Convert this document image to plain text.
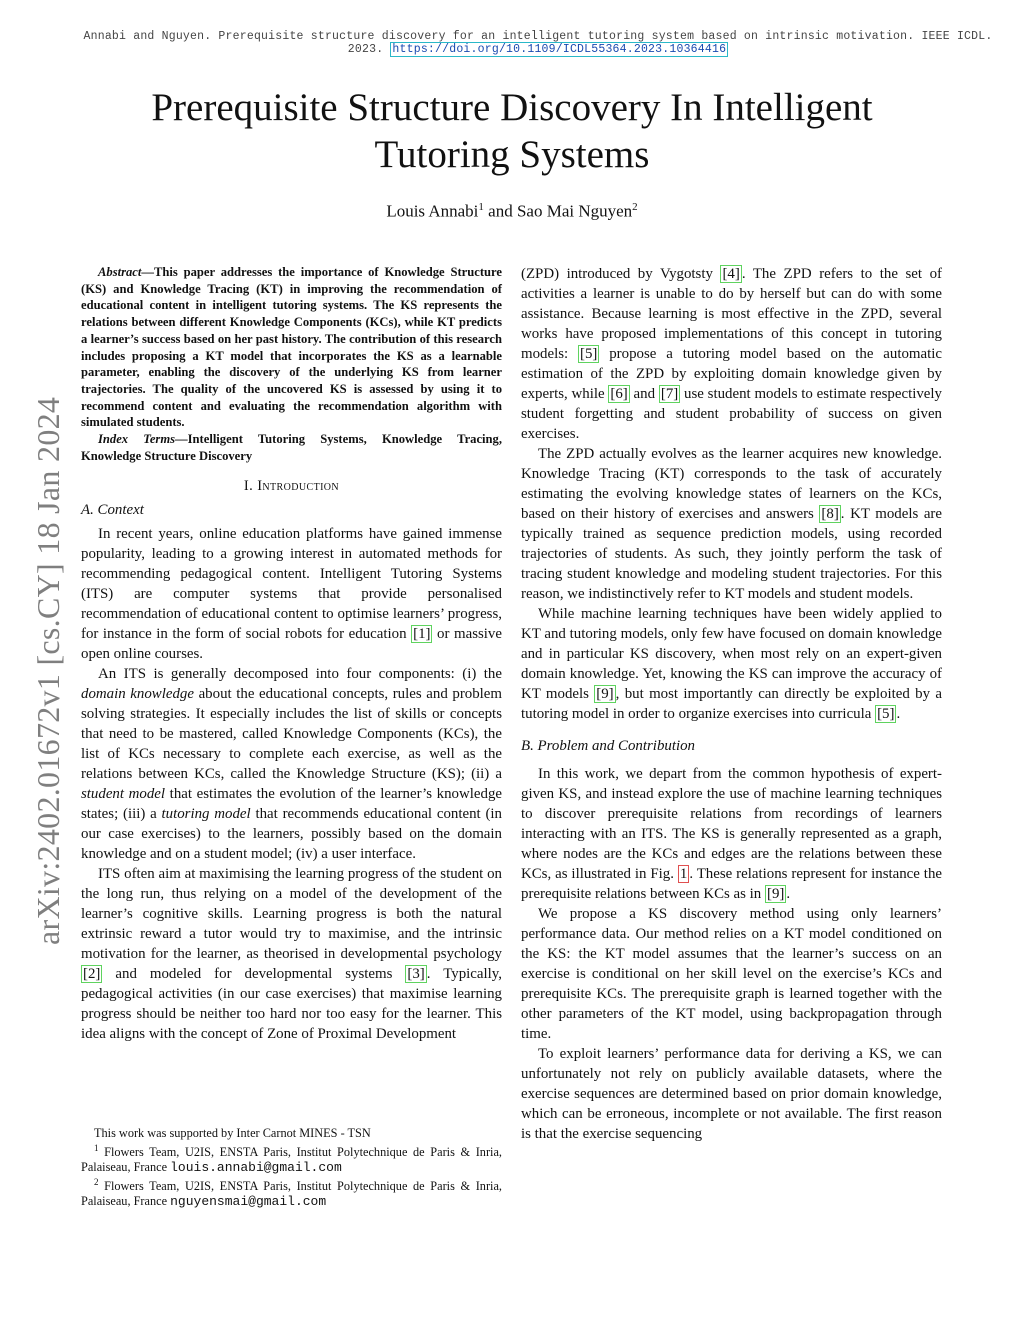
Annabi and Nguyen. Prerequisite structure discovery for an intelligent tutoring system based on intrinsic motivation. IEEE ICDL. 2023. https://doi.org/10.1109/ICDL55364.2023.10364416
arXiv:2402.01672v1 [cs.CY] 18 Jan 2024
Prerequisite Structure Discovery In Intelligent Tutoring Systems
Louis Annabi$^1$ and Sao Mai Nguyen$^2$

Abstract—This paper addresses the importance of Knowledge Structure (KS) and Knowledge Tracing (KT) in improving the recommendation of educational content in intelligent tutoring systems. The KS represents the relations between different Knowledge Components (KCs), while KT predicts a learner’s success based on her past history. The contribution of this research includes proposing a KT model that incorporates the KS as a learnable parameter, enabling the discovery of the underlying KS from learner trajectories. The quality of the uncovered KS is assessed by using it to recommend content and evaluating the recommendation algorithm with simulated students.

Index Terms—Intelligent Tutoring Systems, Knowledge Tracing, Knowledge Structure Discovery

I. Introduction
A. Context

In recent years, online education platforms have gained immense popularity, leading to a growing interest in automated methods for recommending pedagogical content. Intelligent Tutoring Systems (ITS) are computer systems that provide personalised recommendation of educational content to optimise learners’ progress, for instance in the form of social robots for education [1] or massive open online courses.

An ITS is generally decomposed into four components: (i) the domain knowledge about the educational concepts, rules and problem solving strategies. It especially includes the list of skills or concepts that need to be mastered, called Knowledge Components (KCs), the list of KCs necessary to complete each exercise, as well as the relations between KCs, called the Knowledge Structure (KS); (ii) a student model that estimates the evolution of the learner’s knowledge states; (iii) a tutoring model that recommends educational content (in our case exercises) to the learners, possibly based on the domain knowledge and on a student model; (iv) a user interface.

ITS often aim at maximising the learning progress of the student on the long run, thus relying on a model of the development of the learner’s cognitive skills. Learning progress is both the natural extrinsic reward a tutor would try to maximise, and the intrinsic motivation for the learner, as theorised in developmental psychology [2] and modeled for developmental systems [3] . Typically, pedagogical activities (in our case exercises) that maximise learning progress should be neither too hard nor too easy for the learner. This idea aligns with the concept of Zone of Proximal Development

This work was supported by Inter Carnot MINES - TSN

$^1$ Flowers Team, U2IS, ENSTA Paris, Institut Polytechnique de Paris & Inria, Palaiseau, France louis.annabi@gmail.com

$^2$ Flowers Team, U2IS, ENSTA Paris, Institut Polytechnique de Paris & Inria, Palaiseau, France nguyensmai@gmail.com

(ZPD) introduced by Vygotsty [4] . The ZPD refers to the set of activities a learner is unable to do by herself but can do with some assistance. Because learning is most effective in the ZPD, several works have proposed implementations of this concept in tutoring models: [5] propose a tutoring model based on the automatic estimation of the ZPD by exploiting domain knowledge given by experts, while [6] and [7] use student models to estimate respectively student forgetting and student probability of success on given exercises.

The ZPD actually evolves as the learner acquires new knowledge. Knowledge Tracing (KT) corresponds to the task of accurately estimating the evolving knowledge states of learners on the KCs, based on their history of exercises and answers [8] . KT models are typically trained as sequence prediction models, using recorded trajectories of students. As such, they jointly perform the task of tracing student knowledge and modeling student trajectories. For this reason, we indistinctively refer to KT models and student models.

While machine learning techniques have been widely applied to KT and tutoring models, only few have focused on domain knowledge and in particular KS discovery, when most rely on an expert-given domain knowledge. Yet, knowing the KS can improve the accuracy of KT models [9] , but most importantly can directly be exploited by a tutoring model in order to organize exercises into curricula [5] .

B. Problem and Contribution

In this work, we depart from the common hypothesis of expert-given KS, and instead explore the use of machine learning techniques to discover prerequisite relations from recordings of learners interacting with an ITS. The KS is generally represented as a graph, where nodes are the KCs and edges are the relations between these KCs, as illustrated in Fig. 1 . These relations represent for instance the prerequisite relations between KCs as in [9] .

We propose a KS discovery method using only learners’ performance data. Our method relies on a KT model conditioned on the KS: the KT model assumes that the learner’s success on an exercise is conditional on her skill level on the exercise’s KCs and prerequisite KCs. The prerequisite graph is learned together with the other parameters of the KT model, using backpropagation through time.

To exploit learners’ performance data for deriving a KS, we can unfortunately not rely on publicly available datasets, where the exercise sequences are determined based on prior domain knowledge, which can be erroneous, incomplete or not available. The first reason is that the exercise sequencing
